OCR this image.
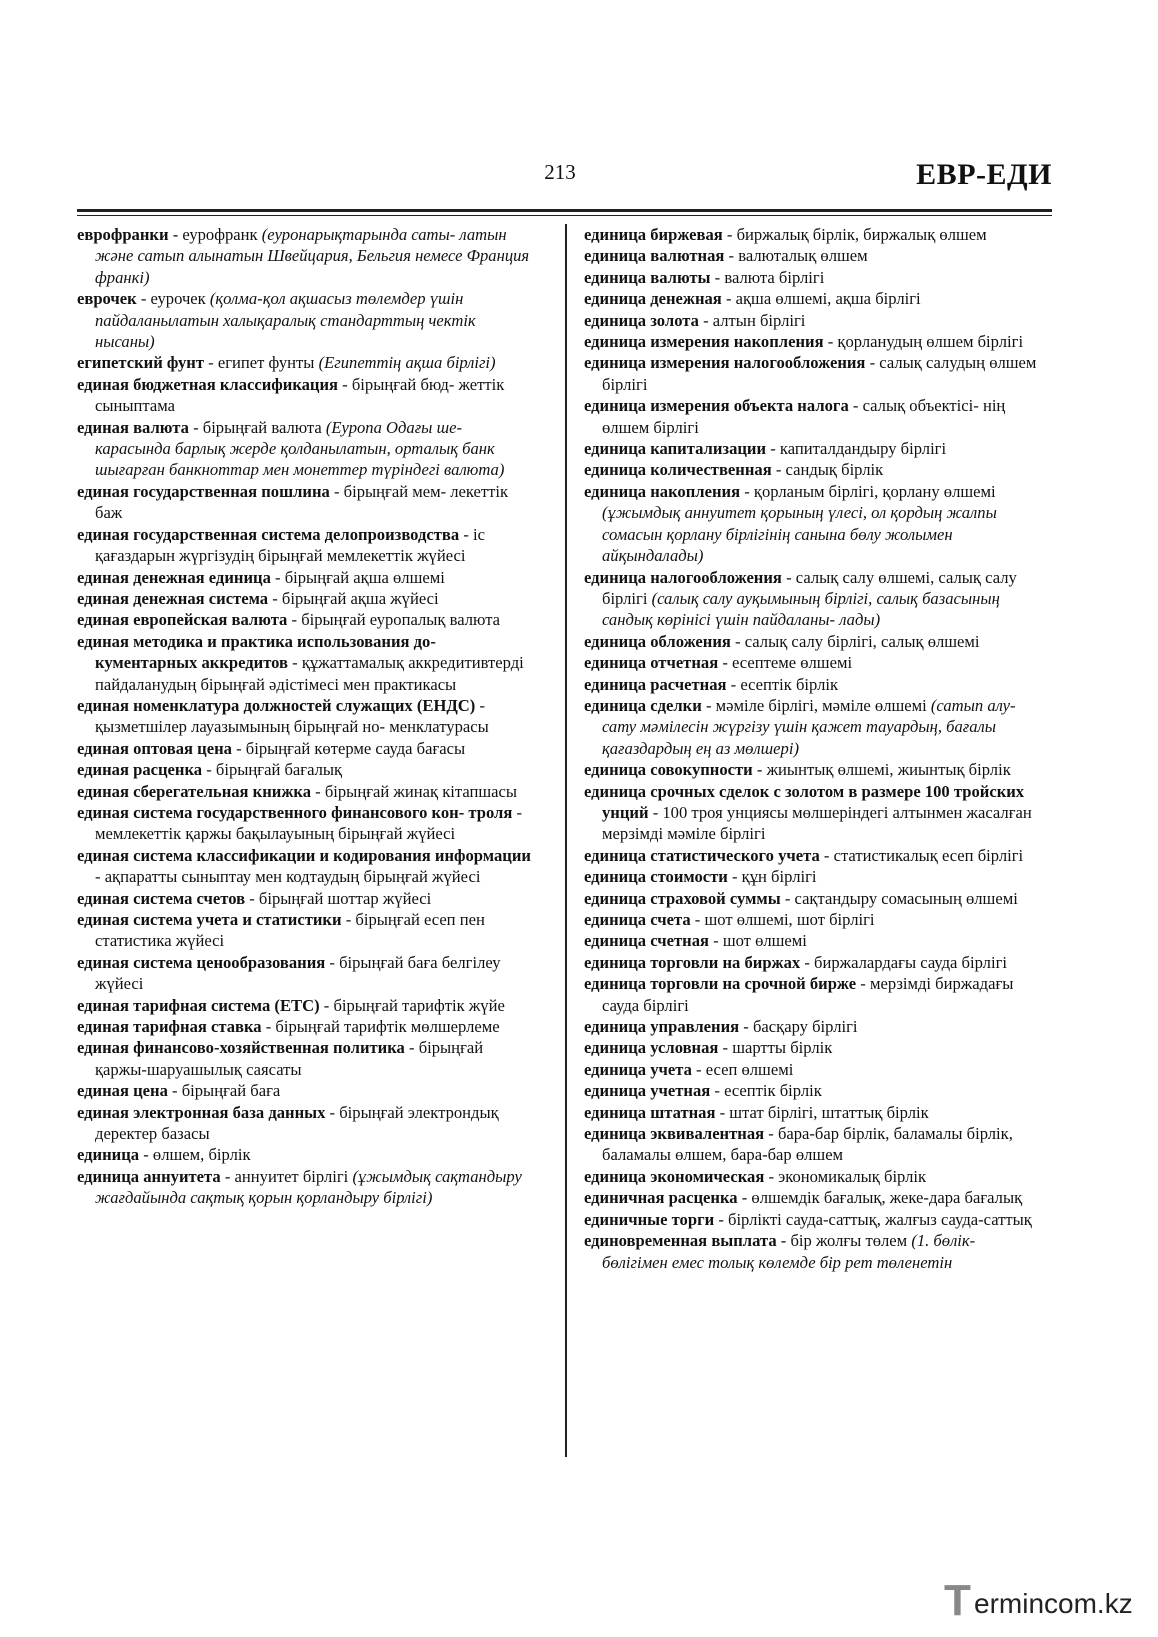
213	ЕВР-ЕДИ
еврофранки - еурофранк (еуронарықтарында саты- латын және сатып алынатын Швейцария, Бельгия немесе Франция франкі)
еврочек - еурочек (қолма-қол ақшасыз төлемдер үшін пайдаланылатын халықаралық стандарттың чектік нысаны)
египетский фунт - египет фунты (Египеттің ақша бірлігі)
единая бюджетная классификация - бірыңғай бюд- жеттік сыныптама
единая валюта - бірыңғай валюта (Еуропа Одағы ше- карасында барлық жерде қолданылатын, орталық банк шығарған банкноттар мен монеттер түріндегі валюта)
единая государственная пошлина - бірыңғай мем- лекеттік баж
единая государственная система делопроизводства - іс қағаздарын жүргізудің бірыңғай мемлекеттік жүйесі
единая денежная единица - бірыңғай ақша өлшемі
единая денежная система - бірыңғай ақша жүйесі
единая европейская валюта - бірыңғай еуропалық валюта
единая методика и практика использования до- кументарных аккредитов - құжаттамалық аккредитивтерді пайдаланудың бірыңғай әдістімесі мен практикасы
единая номенклатура должностей служащих (ЕНДС) - қызметшілер лауазымының бірыңғай но- менклатурасы
единая оптовая цена - бірыңғай көтерме сауда бағасы
единая расценка - бірыңғай бағалық
единая сберегательная книжка - бірыңғай жинақ кітапшасы
единая система государственного финансового кон- троля - мемлекеттік қаржы бақылауының бірыңғай жүйесі
единая система классификации и кодирования информации - ақпаратты сыныптау мен кодтаудың бірыңғай жүйесі
единая система счетов - бірыңғай шоттар жүйесі
единая система учета и статистики - бірыңғай есеп пен статистика жүйесі
единая система ценообразования - бірыңғай баға белгілеу жүйесі
единая тарифная система (ЕТС) - бірыңғай тарифтік жүйе
единая тарифная ставка - бірыңғай тарифтік мөлшерлеме
единая финансово-хозяйственная политика - бірыңғай қаржы-шаруашылық саясаты
единая цена - бірыңғай баға
единая электронная база данных - бірыңғай электрондық деректер базасы
единица - өлшем, бірлік
единица аннуитета - аннуитет бірлігі (ұжымдық сақтандыру жағдайында сақтық қорын қорландыру бірлігі)
единица биржевая - биржалық бірлік, биржалық өлшем
единица валютная - валюталық өлшем
единица валюты - валюта бірлігі
единица денежная - ақша өлшемі, ақша бірлігі
единица золота - алтын бірлігі
единица измерения накопления - қорланудың өлшем бірлігі
единица измерения налогообложения - салық салудың өлшем бірлігі
единица измерения объекта налога - салық объектісі- нің өлшем бірлігі
единица капитализации - капиталдандыру бірлігі
единица количественная - сандық бірлік
единица накопления - қорланым бірлігі, қорлану өлшемі (ұжымдық аннуитет қорының үлесі, ол қордың жалпы сомасын қорлану бірлігінің санына бөлу жолымен айқындалады)
единица налогообложения - салық салу өлшемі, салық салу бірлігі (салық салу ауқымының бірлігі, салық базасының сандық көрінісі үшін пайдаланы- лады)
единица обложения - салық салу бірлігі, салық өлшемі
единица отчетная - есептеме өлшемі
единица расчетная - есептік бірлік
единица сделки - мәміле бірлігі, мәміле өлшемі (сатып алу-сату мәмілесін жүргізу үшін қажет тауардың, бағалы қағаздардың ең аз мөлшері)
единица совокупности - жиынтық өлшемі, жиынтық бірлік
единица срочных сделок с золотом в размере 100 тройских унций - 100 троя унциясы мөлшеріндегі алтынмен жасалған мерзімді мәміле бірлігі
единица статистического учета - статистикалық есеп бірлігі
единица стоимости - құн бірлігі
единица страховой суммы - сақтандыру сомасының өлшемі
единица счета - шот өлшемі, шот бірлігі
единица счетная - шот өлшемі
единица торговли на биржах - биржалардағы сауда бірлігі
единица торговли на срочной бирже - мерзімді биржадағы сауда бірлігі
единица управления - басқару бірлігі
единица условная - шартты бірлік
единица учета - есеп өлшемі
единица учетная - есептік бірлік
единица штатная - штат бірлігі, штаттық бірлік
единица эквивалентная - бара-бар бірлік, баламалы бірлік, баламалы өлшем, бара-бар өлшем
единица экономическая - экономикалық бірлік
единичная расценка - өлшемдік бағалық, жеке-дара бағалық
единичные торги - бірлікті сауда-саттық, жалғыз сауда-саттық
единовременная выплата - бір жолғы төлем (1. бөлік- бөлігімен емес толық көлемде бір рет төленетін
T ermincom.kz
